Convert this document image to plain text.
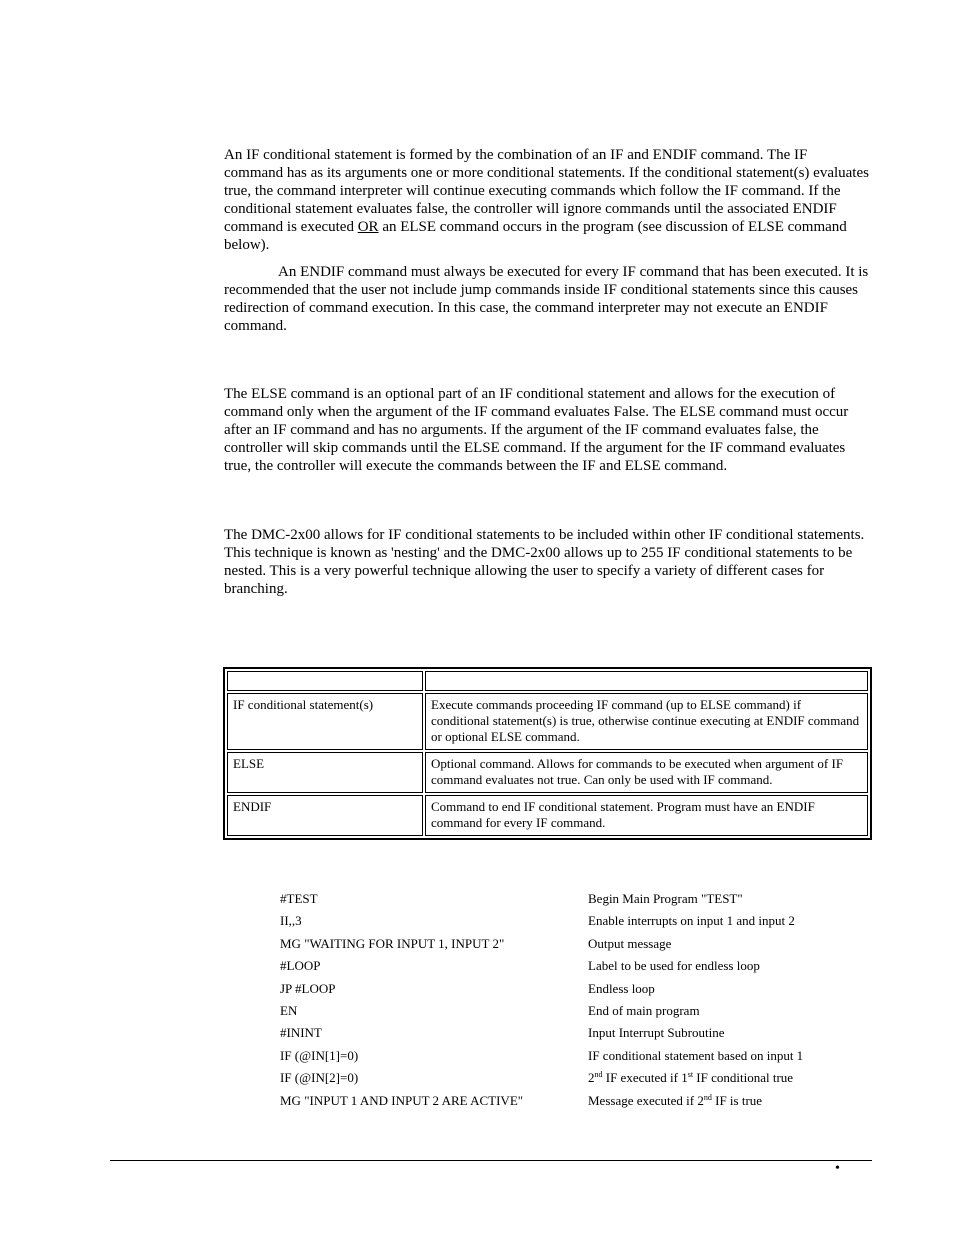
An IF conditional statement is formed by the combination of an IF and ENDIF command. The IF command has as its arguments one or more conditional statements. If the conditional statement(s) evaluates true, the command interpreter will continue executing commands which follow the IF command. If the conditional statement evaluates false, the controller will ignore commands until the associated ENDIF command is executed OR an ELSE command occurs in the program (see discussion of ELSE command below).

An ENDIF command must always be executed for every IF command that has been executed. It is recommended that the user not include jump commands inside IF conditional statements since this causes redirection of command execution. In this case, the command interpreter may not execute an ENDIF command.

The ELSE command is an optional part of an IF conditional statement and allows for the execution of command only when the argument of the IF command evaluates False. The ELSE command must occur after an IF command and has no arguments. If the argument of the IF command evaluates false, the controller will skip commands until the ELSE command. If the argument for the IF command evaluates true, the controller will execute the commands between the IF and ELSE command.

The DMC-2x00 allows for IF conditional statements to be included within other IF conditional statements. This technique is known as 'nesting' and the DMC-2x00 allows up to 255 IF conditional statements to be nested. This is a very powerful technique allowing the user to specify a variety of different cases for branching.

IF conditional statement(s)	Execute commands proceeding IF command (up to ELSE command) if conditional statement(s) is true, otherwise continue executing at ENDIF command or optional ELSE command.
ELSE	Optional command. Allows for commands to be executed when argument of IF command evaluates not true. Can only be used with IF command.
ENDIF	Command to end IF conditional statement. Program must have an ENDIF command for every IF command.
#TEST	Begin Main Program "TEST"
II,,3	Enable interrupts on input 1 and input 2
MG "WAITING FOR INPUT 1, INPUT 2"	Output message
#LOOP	Label to be used for endless loop
JP #LOOP	Endless loop
EN	End of main program
#ININT	Input Interrupt Subroutine
IF (@IN[1]=0)	IF conditional statement based on input 1
IF (@IN[2]=0)	2nd IF executed if 1st IF conditional true
MG "INPUT 1 AND INPUT 2 ARE ACTIVE"	Message executed if 2nd IF is true
•
